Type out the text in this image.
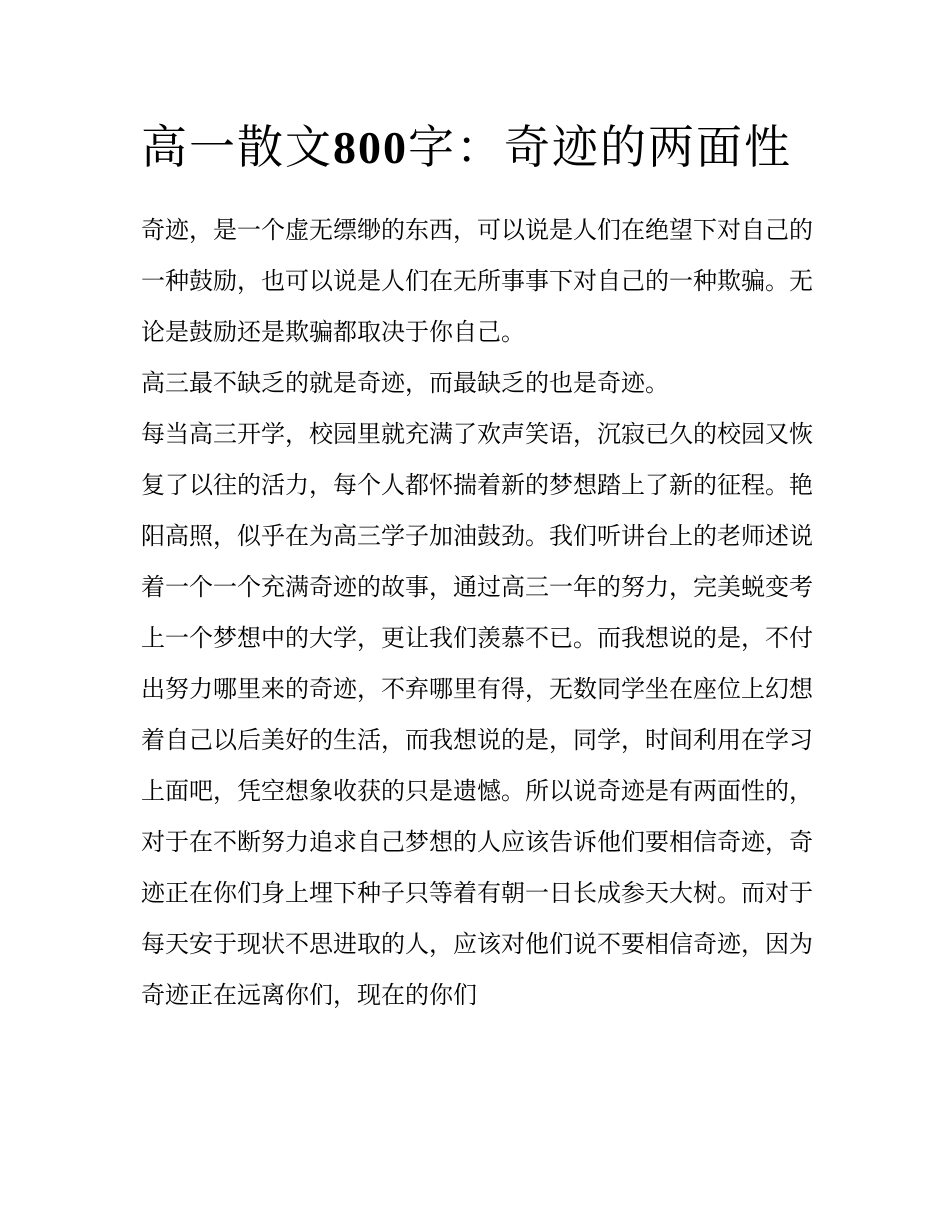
高一散文800字：奇迹的两面性

奇迹，是一个虚无缥缈的东西，可以说是人们在绝望下对自己的一种鼓励，也可以说是人们在无所事事下对自己的一种欺骗。无论是鼓励还是欺骗都取决于你自己。

高三最不缺乏的就是奇迹，而最缺乏的也是奇迹。

每当高三开学，校园里就充满了欢声笑语，沉寂已久的校园又恢复了以往的活力，每个人都怀揣着新的梦想踏上了新的征程。艳阳高照，似乎在为高三学子加油鼓劲。我们听讲台上的老师述说着一个一个充满奇迹的故事，通过高三一年的努力，完美蜕变考上一个梦想中的大学，更让我们羡慕不已。而我想说的是，不付出努力哪里来的奇迹，不弃哪里有得，无数同学坐在座位上幻想着自己以后美好的生活，而我想说的是，同学，时间利用在学习上面吧，凭空想象收获的只是遗憾。所以说奇迹是有两面性的，对于在不断努力追求自己梦想的人应该告诉他们要相信奇迹，奇迹正在你们身上埋下种子只等着有朝一日长成参天大树。而对于每天安于现状不思进取的人，应该对他们说不要相信奇迹，因为奇迹正在远离你们，现在的你们
